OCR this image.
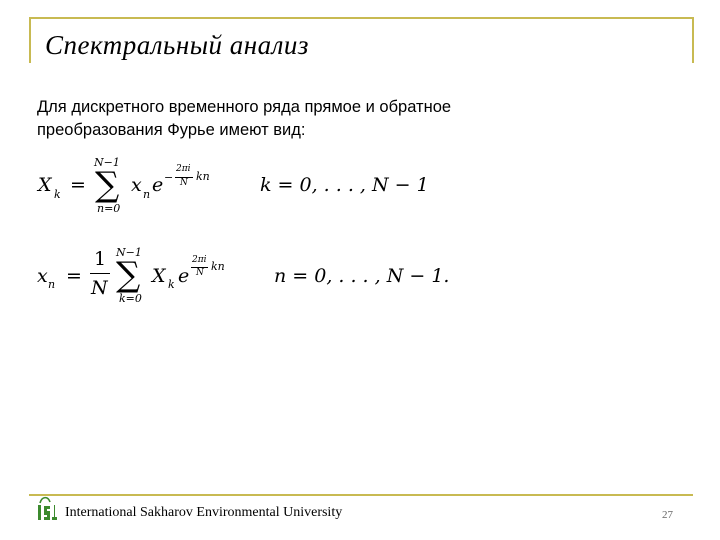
Спектральный анализ
Для дискретного временного ряда прямое и обратное
преобразования Фурье имеют вид:
X k =
N−1
∑
n=0
x n e −
2πi
N kn	k = 0, . . . , N − 1
x n =
1
N
N−1
∑
k=0
X k e
2πi
N kn	n = 0, . . . , N − 1.
International Sakharov Environmental University	27
